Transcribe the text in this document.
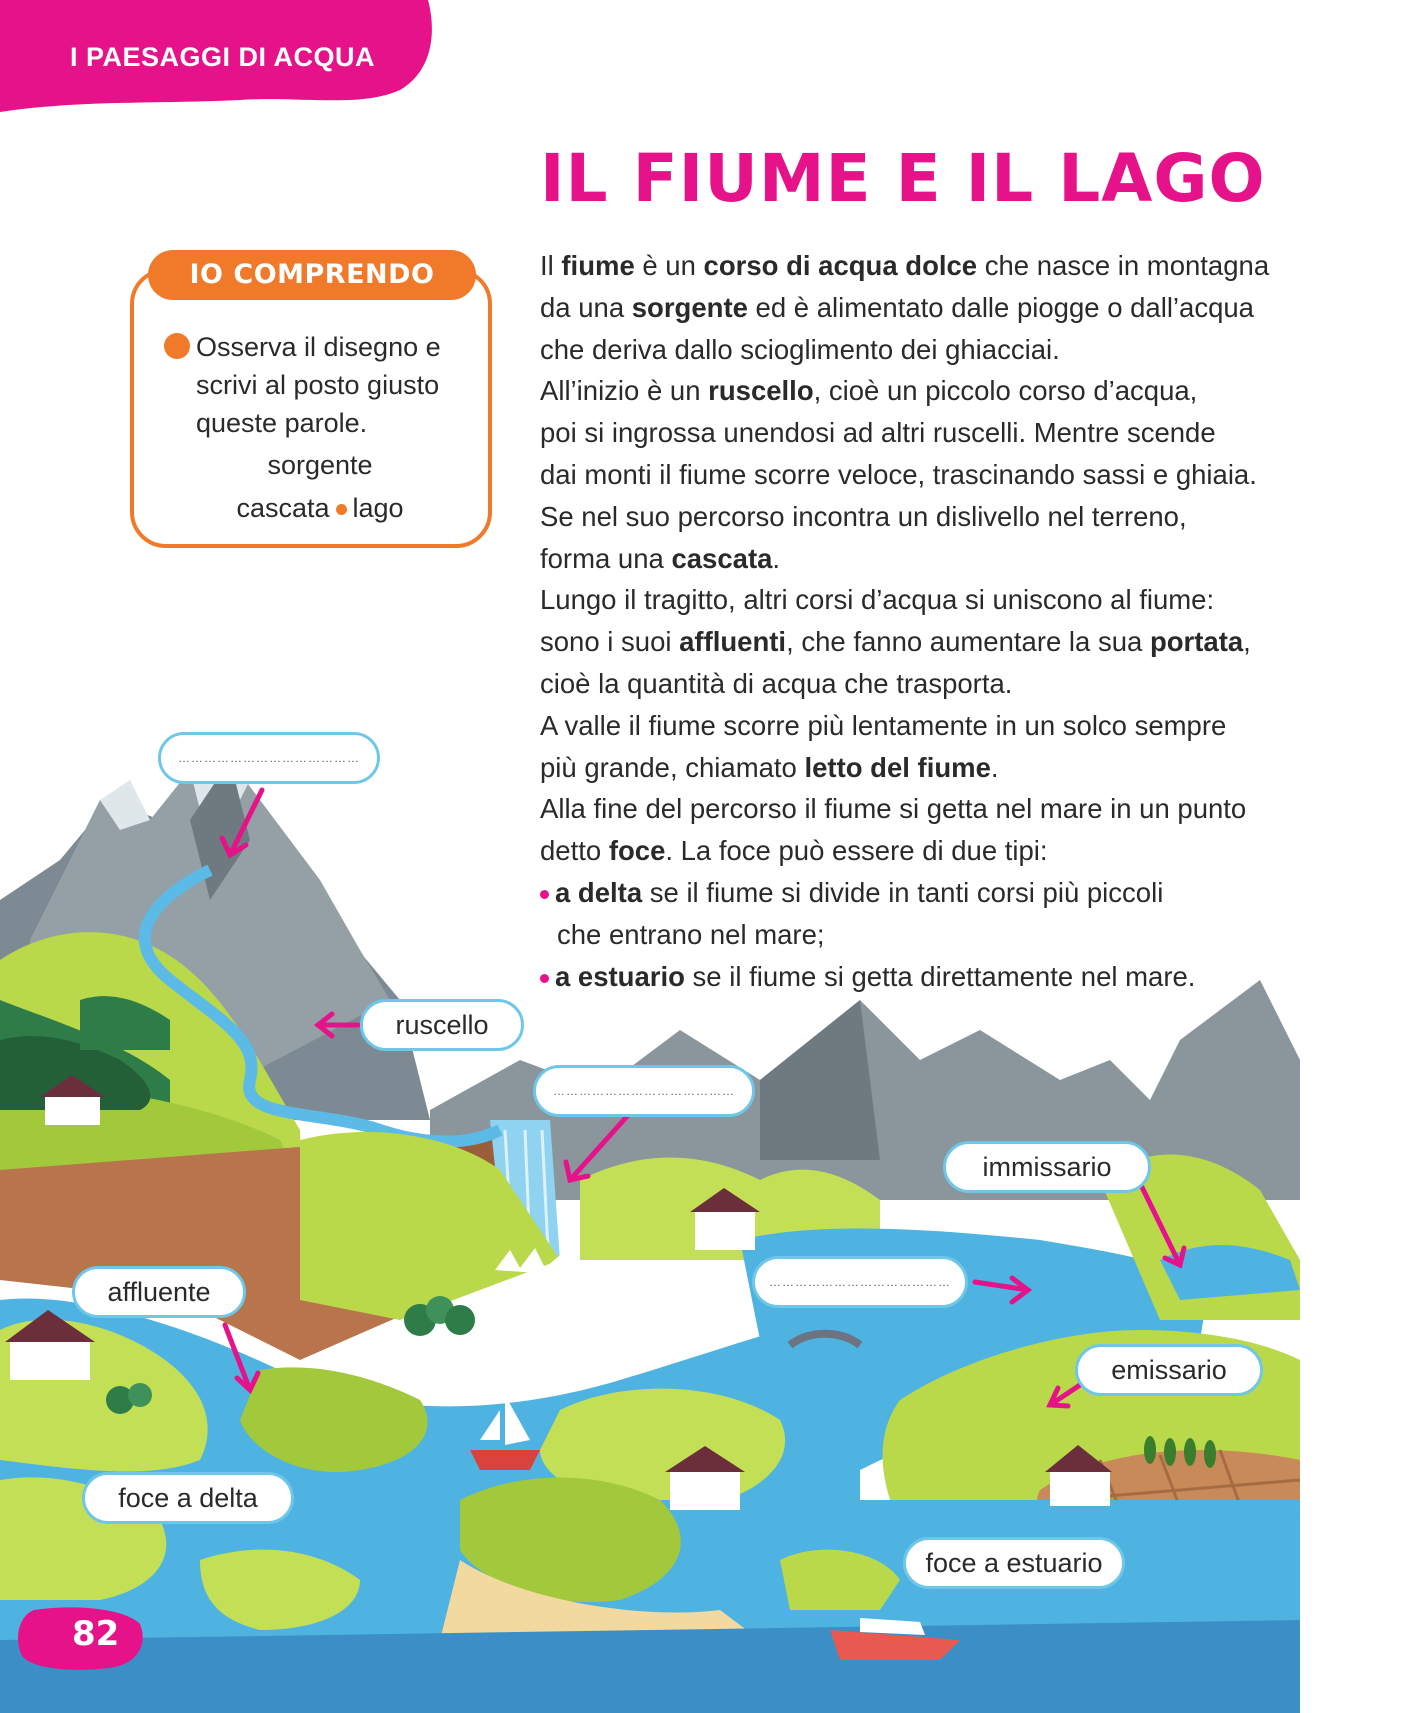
I PAESAGGI DI ACQUA
IL FIUME E IL LAGO
IO COMPRENDO
Osserva il disegno e scrivi al posto giusto queste parole.
sorgente
cascata lago

Il fiume è un corso di acqua dolce che nasce in montagna

da una sorgente ed è alimentato dalle piogge o dall’acqua

che deriva dallo scioglimento dei ghiacciai.

All’inizio è un ruscello, cioè un piccolo corso d’acqua,

poi si ingrossa unendosi ad altri ruscelli. Mentre scende

dai monti il fiume scorre veloce, trascinando sassi e ghiaia.

Se nel suo percorso incontra un dislivello nel terreno,

forma una cascata.

Lungo il tragitto, altri corsi d’acqua si uniscono al fiume:

sono i suoi affluenti, che fanno aumentare la sua portata,

cioè la quantità di acqua che trasporta.

A valle il fiume scorre più lentamente in un solco sempre

più grande, chiamato letto del fiume.

Alla fine del percorso il fiume si getta nel mare in un punto

detto foce. La foce può essere di due tipi:

a delta se il fiume si divide in tanti corsi più piccoli

che entrano nel mare;

a estuario se il fiume si getta direttamente nel mare.

……………………………………
ruscello
……………………………………
immissario
……………………………………
affluente
emissario
foce a delta
foce a estuario
82
